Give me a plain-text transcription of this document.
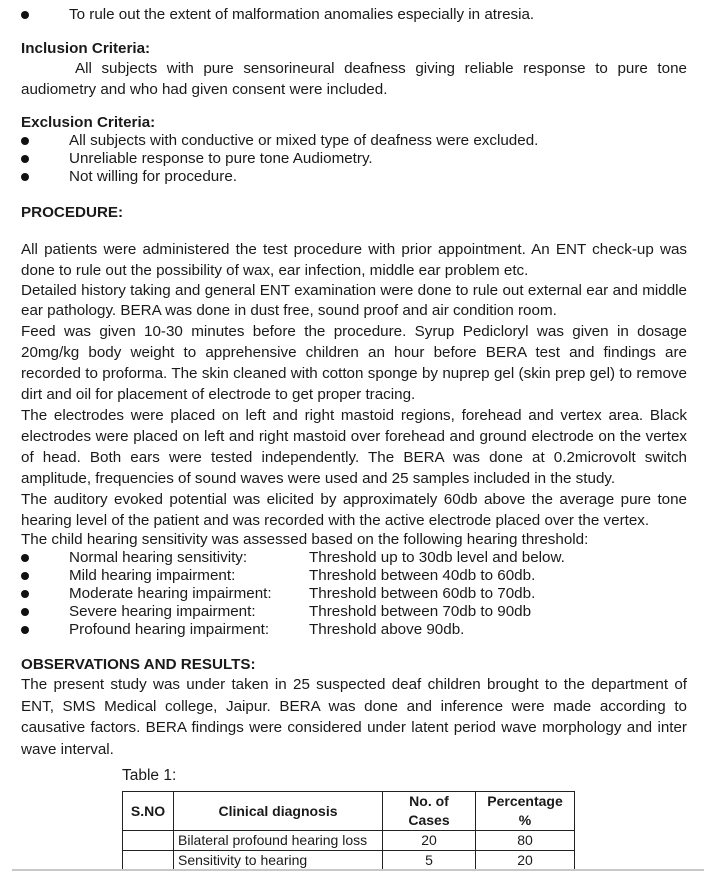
To rule out the extent of malformation anomalies especially in atresia.
Inclusion Criteria:
All subjects with pure sensorineural deafness giving reliable response to pure tone audiometry and who had given consent were included.
Exclusion Criteria:
All subjects with conductive or mixed type of deafness were excluded.
Unreliable response to pure tone Audiometry.
Not willing for procedure.
PROCEDURE:
All patients were administered the test procedure with prior appointment. An ENT check-up was done to rule out the possibility of wax, ear infection, middle ear problem etc.
Detailed history taking and general ENT examination were done to rule out external ear and middle ear pathology. BERA was done in dust free, sound proof and air condition room.
Feed was given 10-30 minutes before the procedure. Syrup Pedicloryl was given in dosage 20mg/kg body weight to apprehensive children an hour before BERA test and findings are recorded to proforma. The skin cleaned with cotton sponge by nuprep gel (skin prep gel) to remove dirt and oil for placement of electrode to get proper tracing.
The electrodes were placed on left and right mastoid regions, forehead and vertex area. Black electrodes were placed on left and right mastoid over forehead and ground electrode on the vertex of head. Both ears were tested independently. The BERA was done at 0.2microvolt switch amplitude, frequencies of sound waves were used and 25 samples included in the study.
The auditory evoked potential was elicited by approximately 60db above the average pure tone hearing level of the patient and was recorded with the active electrode placed over the vertex.
The child hearing sensitivity was assessed based on the following hearing threshold:
Normal hearing sensitivity:	Threshold up to 30db level and below.
Mild hearing impairment:	Threshold between 40db to 60db.
Moderate hearing impairment: Threshold between 60db to 70db.
Severe hearing impairment:	Threshold between 70db to 90db
Profound hearing impairment:	Threshold above 90db.
OBSERVATIONS AND RESULTS:
The present study was under taken in 25 suspected deaf children brought to the department of ENT, SMS Medical college, Jaipur. BERA was done and inference were made according to causative factors. BERA findings were considered under latent period wave morphology and inter wave interval.
Table 1:
S.NO	Clinical diagnosis	No. of Cases	Percentage %
	Bilateral profound hearing loss	20	80
	Sensitivity to hearing	5	20
